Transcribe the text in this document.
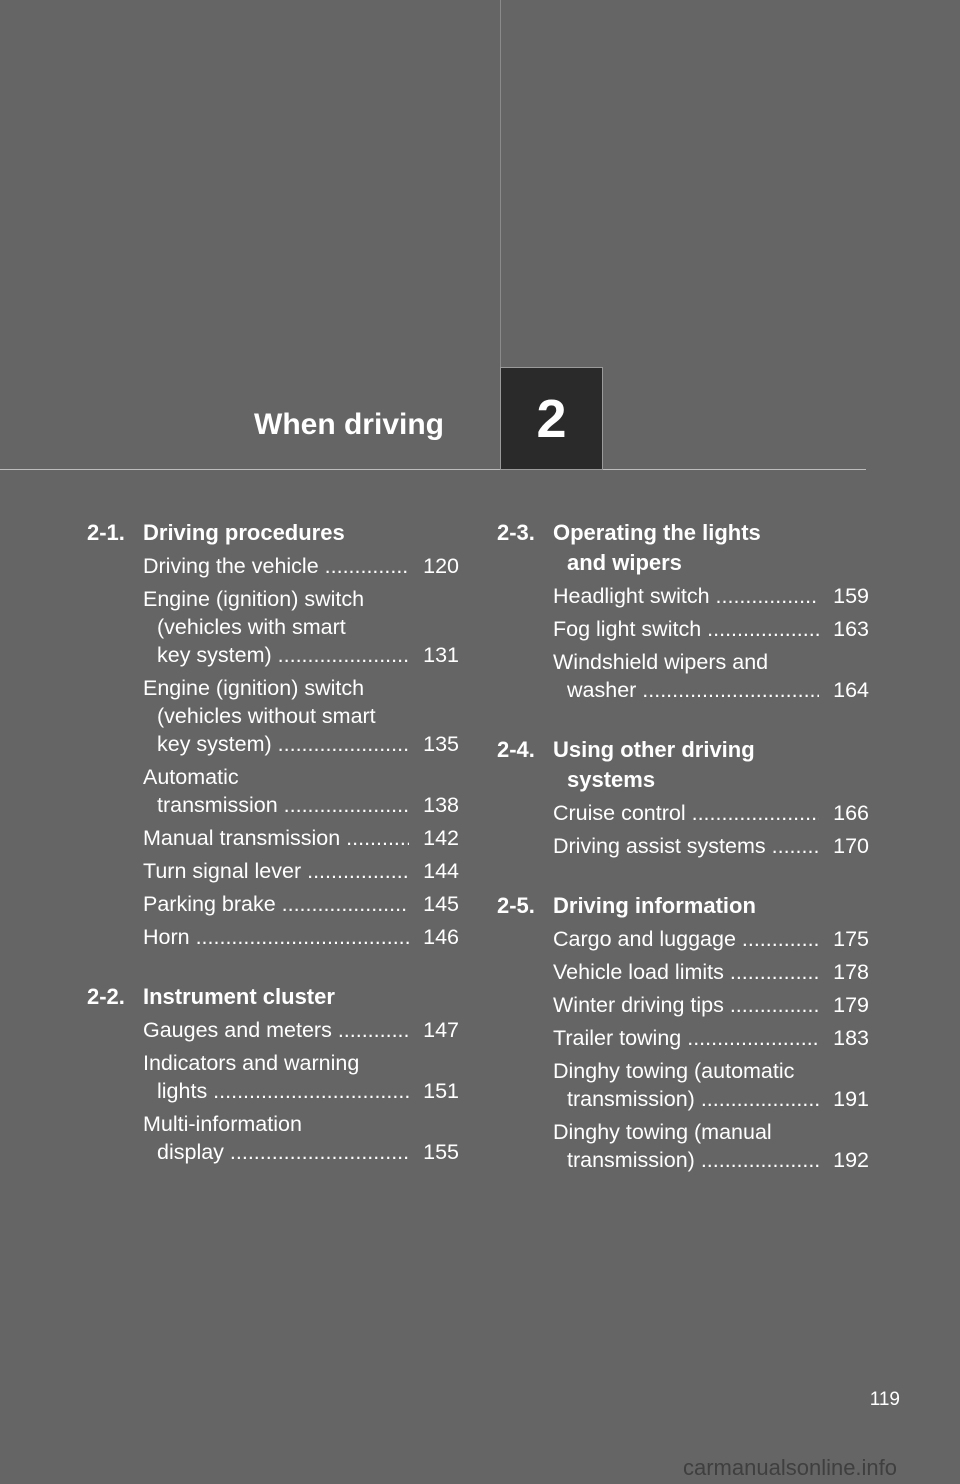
When driving	2
2-1. Driving procedures
Driving the vehicle .....	120
Engine (ignition) switch
(vehicles with smart
key system) .....	131
Engine (ignition) switch
(vehicles without smart
key system) .....	135
Automatic
transmission .....	138
Manual transmission .....	142
Turn signal lever .....	144
Parking brake .....	145
Horn .....	146
2-2. Instrument cluster
Gauges and meters .....	147
Indicators and warning
lights .....	151
Multi-information
display .....	155
2-3. Operating the lights
and wipers
Headlight switch .....	159
Fog light switch .....	163
Windshield wipers and
washer .....	164
2-4. Using other driving
systems
Cruise control .....	166
Driving assist systems .....	170
2-5. Driving information
Cargo and luggage .....	175
Vehicle load limits .....	178
Winter driving tips .....	179
Trailer towing .....	183
Dinghy towing (automatic
transmission) .....	191
Dinghy towing (manual
transmission) .....	192
119
carmanualsonline.info
